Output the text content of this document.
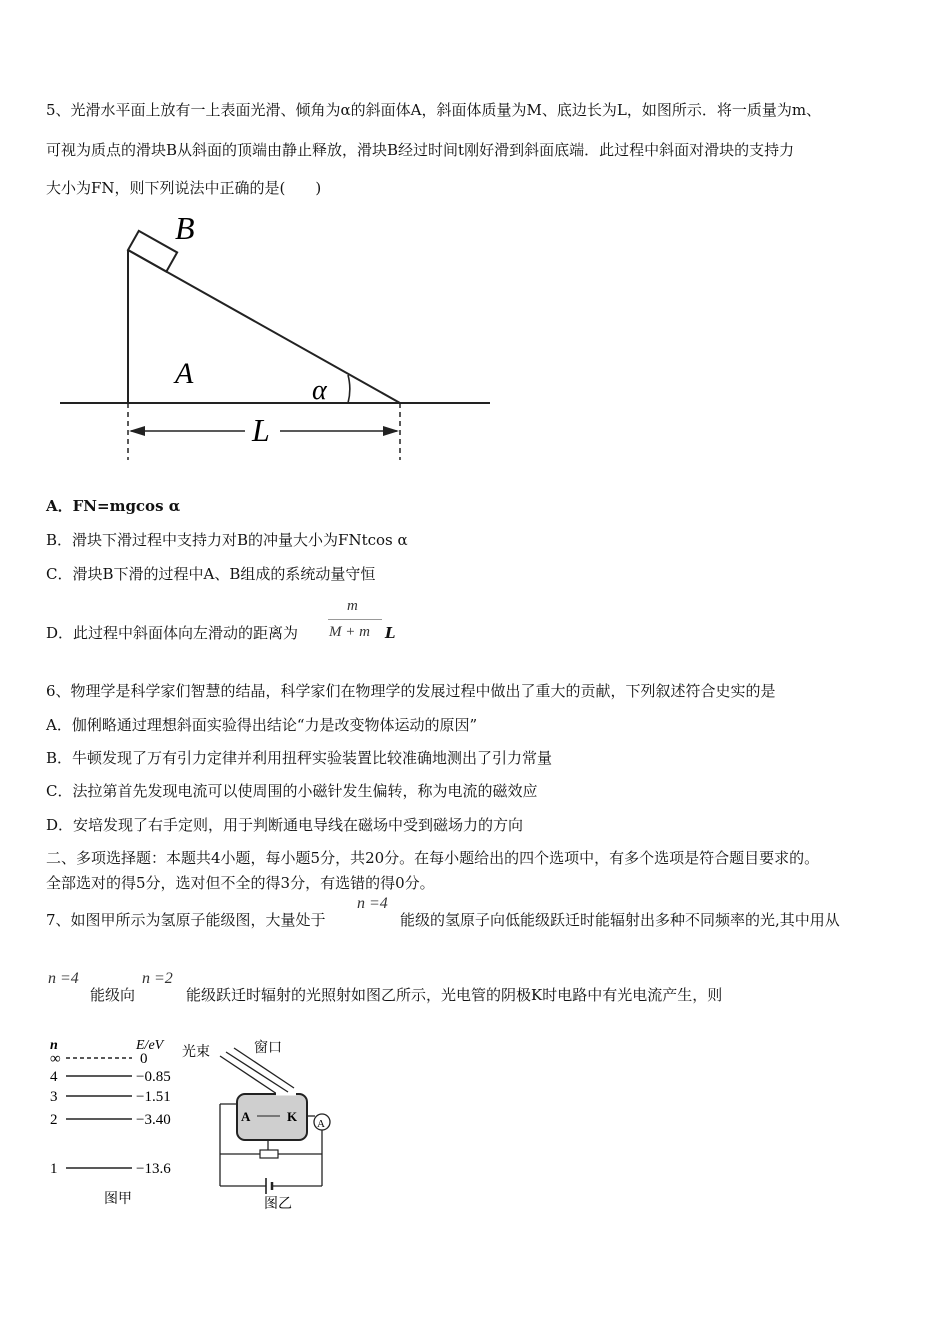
5、光滑水平面上放有一上表面光滑、倾角为α的斜面体A，斜面体质量为M、底边长为L，如图所示．将一质量为m、
可视为质点的滑块B从斜面的顶端由静止释放，滑块B经过时间t刚好滑到斜面底端．此过程中斜面对滑块的支持力
大小为FN，则下列说法中正确的是(　　)
B
A
α
L
A．FN=mgcos α
B．滑块下滑过程中支持力对B的冲量大小为FNtcos α
C．滑块B下滑的过程中A、B组成的系统动量守恒
D．此过程中斜面体向左滑动的距离为
m
M + m L
6、物理学是科学家们智慧的结晶，科学家们在物理学的发展过程中做出了重大的贡献，下列叙述符合史实的是
A．伽俐略通过理想斜面实验得出结论“力是改变物体运动的原因”
B．牛顿发现了万有引力定律并利用扭秤实验装置比较准确地测出了引力常量
C．法拉第首先发现电流可以使周围的小磁针发生偏转，称为电流的磁效应
D．安培发现了右手定则，用于判断通电导线在磁场中受到磁场力的方向
二、多项选择题：本题共4小题，每小题5分，共20分。在每小题给出的四个选项中，有多个选项是符合题目要求的。
全部选对的得5分，选对但不全的得3分，有选错的得0分。
7、如图甲所示为氢原子能级图，大量处于
n =4
能级的氢原子向低能级跃迁时能辐射出多种不同频率的光,其中用从
n =4
能级向
n =2
能级跃迁时辐射的光照射如图乙所示，光电管的阴极K时电路中有光电流产生，则
n	E/eV
∞	0
4	−0.85
3	−1.51
2	−3.40
1	−13.6
图甲
光束	窗口
A	K A
图乙
